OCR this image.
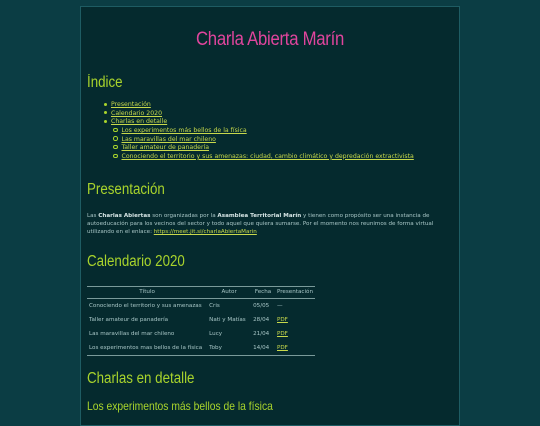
Charla Abierta Marín
Índice
Presentación
Calendario 2020
Charlas en detalle
Los experimentos más bellos de la física
Las maravillas del mar chileno
Taller amateur de panadería
Conociendo el territorio y sus amenazas: ciudad, cambio climático y depredación extractivista
Presentación
Las Charlas Abiertas son organizadas por la Asamblea Territorial Marín y tienen como propósito ser una instancia de autoeducación para los vecinos del sector y todo aquel que quiera sumarse. Por el momento nos reunimos de forma virtual utilizando en el enlace: https://meet.jit.si/charlaAbiertaMarin
Calendario 2020
Título	Autor	Fecha	Presentación
Conociendo el territorio y sus amenazas	Cris	05/05	—
Taller amateur de panadería	Nati y Matías	28/04	PDF
Las maravillas del mar chileno	Lucy	21/04	PDF
Los experimentos mas bellos de la física	Toby	14/04	PDF
Charlas en detalle
Los experimentos más bellos de la física
